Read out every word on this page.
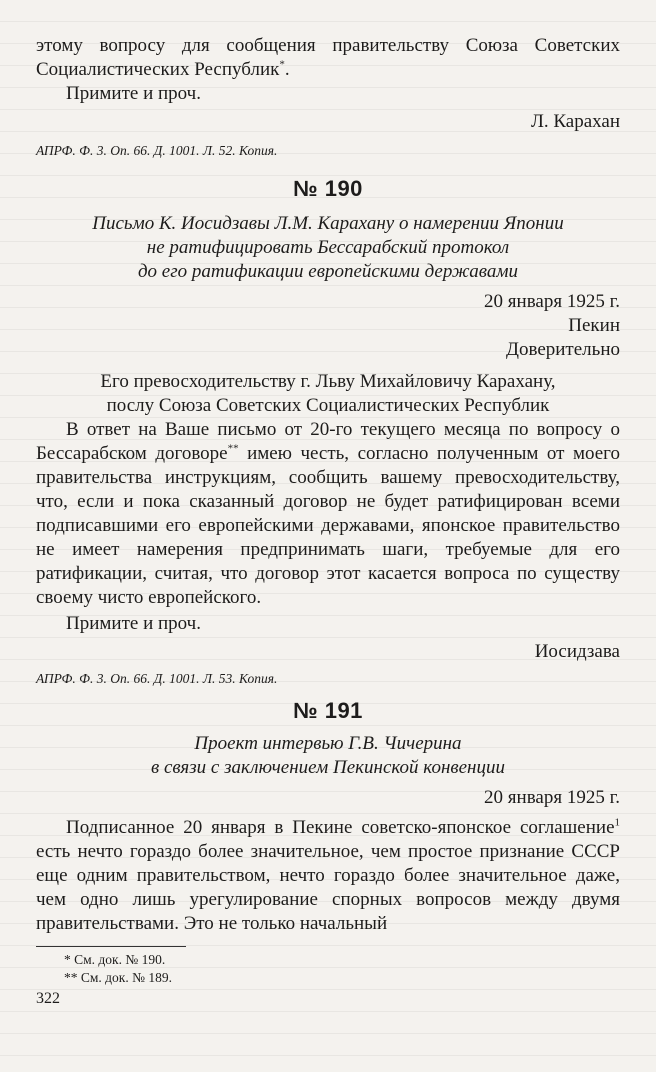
этому вопросу для сообщения правительству Союза Советских Социалистических Республик*.

Примите и проч.

Л. Карахан

АПРФ. Ф. 3. Оп. 66. Д. 1001. Л. 52. Копия.

№ 190

Письмо К. Иосидзавы Л.М. Карахану о намерении Японии

не ратифицировать Бессарабский протокол

до его ратификации европейскими державами

20 января 1925 г.

Пекин

Доверительно

Его превосходительству г. Льву Михайловичу Карахану,

послу Союза Советских Социалистических Республик

В ответ на Ваше письмо от 20-го текущего месяца по вопросу о Бессарабском договоре** имею честь, согласно полученным от моего правительства инструкциям, сообщить вашему превосходительству, что, если и пока сказанный договор не будет ратифицирован всеми подписавшими его европейскими державами, японское правительство не имеет намерения предпринимать шаги, требуемые для его ратификации, считая, что договор этот касается вопроса по существу своему чисто европейского.

Примите и проч.

Иосидзава

АПРФ. Ф. 3. Оп. 66. Д. 1001. Л. 53. Копия.

№ 191

Проект интервью Г.В. Чичерина

в связи с заключением Пекинской конвенции

20 января 1925 г.

Подписанное 20 января в Пекине советско-японское соглашение$^1$ есть нечто гораздо более значительное, чем простое признание СССР еще одним правительством, нечто гораздо более значительное даже, чем одно лишь урегулирование спорных вопросов между двумя правительствами. Это не только начальный

* См. док. № 190.

** См. док. № 189.

322
